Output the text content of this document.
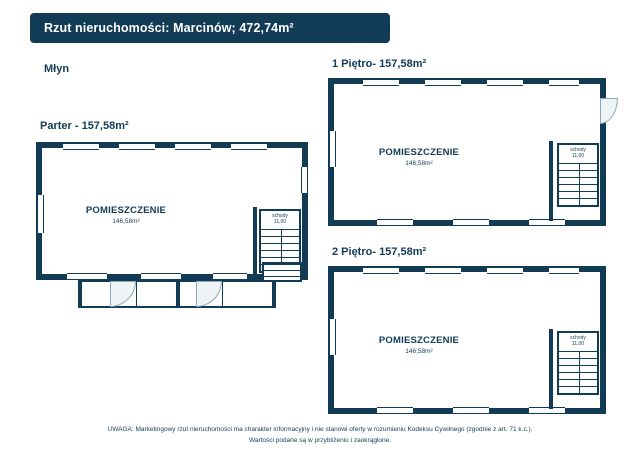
Rzut nieruchomości: Marcinów; 472,74m²
Młyn
Parter - 157,58m²
POMIESZCZENIE
146,58m²
schody
11,00
1 Piętro- 157,58m²
POMIESZCZENIE
146,58m²
schody
11,00
2 Piętro- 157,58m²
POMIESZCZENIE
146,58m²
schody
11,00
UWAGA: Marketingowy rzut nieruchomości ma charakter informacyjny i nie stanowi oferty w rozumieniu Kodeksu Cywilnego (zgodnie z art. 71 k.c.).
Wartości podane są w przybliżeniu i zaokrąglone.
